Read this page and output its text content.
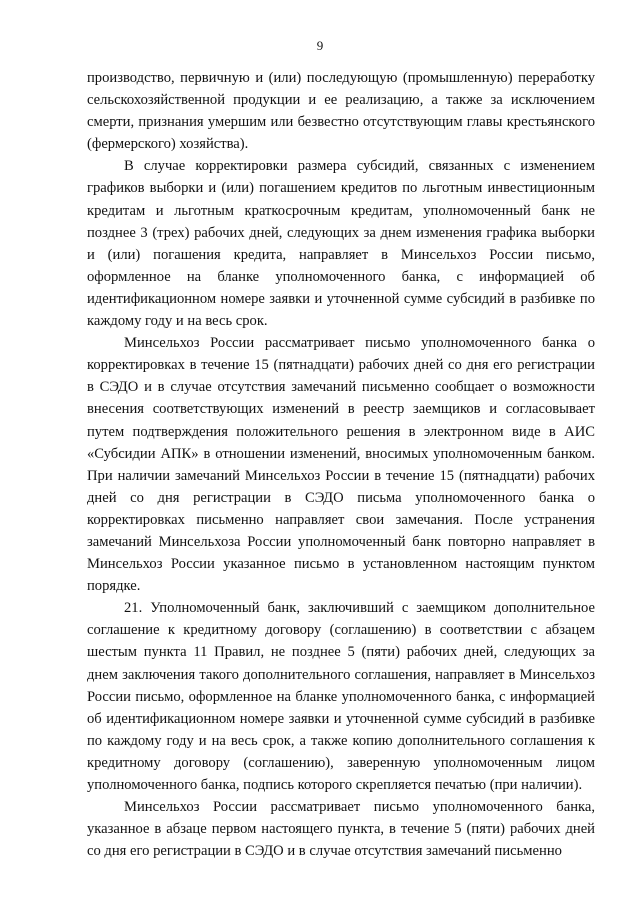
9

производство, первичную и (или) последующую (промышленную) переработку сельскохозяйственной продукции и ее реализацию, а также за исключением смерти, признания умершим или безвестно отсутствующим главы крестьянского (фермерского) хозяйства).

В случае корректировки размера субсидий, связанных с изменением графиков выборки и (или) погашением кредитов по льготным инвестиционным кредитам и льготным краткосрочным кредитам, уполномоченный банк не позднее 3 (трех) рабочих дней, следующих за днем изменения графика выборки и (или) погашения кредита, направляет в Минсельхоз России письмо, оформленное на бланке уполномоченного банка, с информацией об идентификационном номере заявки и уточненной сумме субсидий в разбивке по каждому году и на весь срок.

Минсельхоз России рассматривает письмо уполномоченного банка о корректировках в течение 15 (пятнадцати) рабочих дней со дня его регистрации в СЭДО и в случае отсутствия замечаний письменно сообщает о возможности внесения соответствующих изменений в реестр заемщиков и согласовывает путем подтверждения положительного решения в электронном виде в АИС «Субсидии АПК» в отношении изменений, вносимых уполномоченным банком. При наличии замечаний Минсельхоз России в течение 15 (пятнадцати) рабочих дней со дня регистрации в СЭДО письма уполномоченного банка о корректировках письменно направляет свои замечания. После устранения замечаний Минсельхоза России уполномоченный банк повторно направляет в Минсельхоз России указанное письмо в установленном настоящим пунктом порядке.

21. Уполномоченный банк, заключивший с заемщиком дополнительное соглашение к кредитному договору (соглашению) в соответствии с абзацем шестым пункта 11 Правил, не позднее 5 (пяти) рабочих дней, следующих за днем заключения такого дополнительного соглашения, направляет в Минсельхоз России письмо, оформленное на бланке уполномоченного банка, с информацией об идентификационном номере заявки и уточненной сумме субсидий в разбивке по каждому году и на весь срок, а также копию дополнительного соглашения к кредитному договору (соглашению), заверенную уполномоченным лицом уполномоченного банка, подпись которого скрепляется печатью (при наличии).

Минсельхоз России рассматривает письмо уполномоченного банка, указанное в абзаце первом настоящего пункта, в течение 5 (пяти) рабочих дней со дня его регистрации в СЭДО и в случае отсутствия замечаний письменно
